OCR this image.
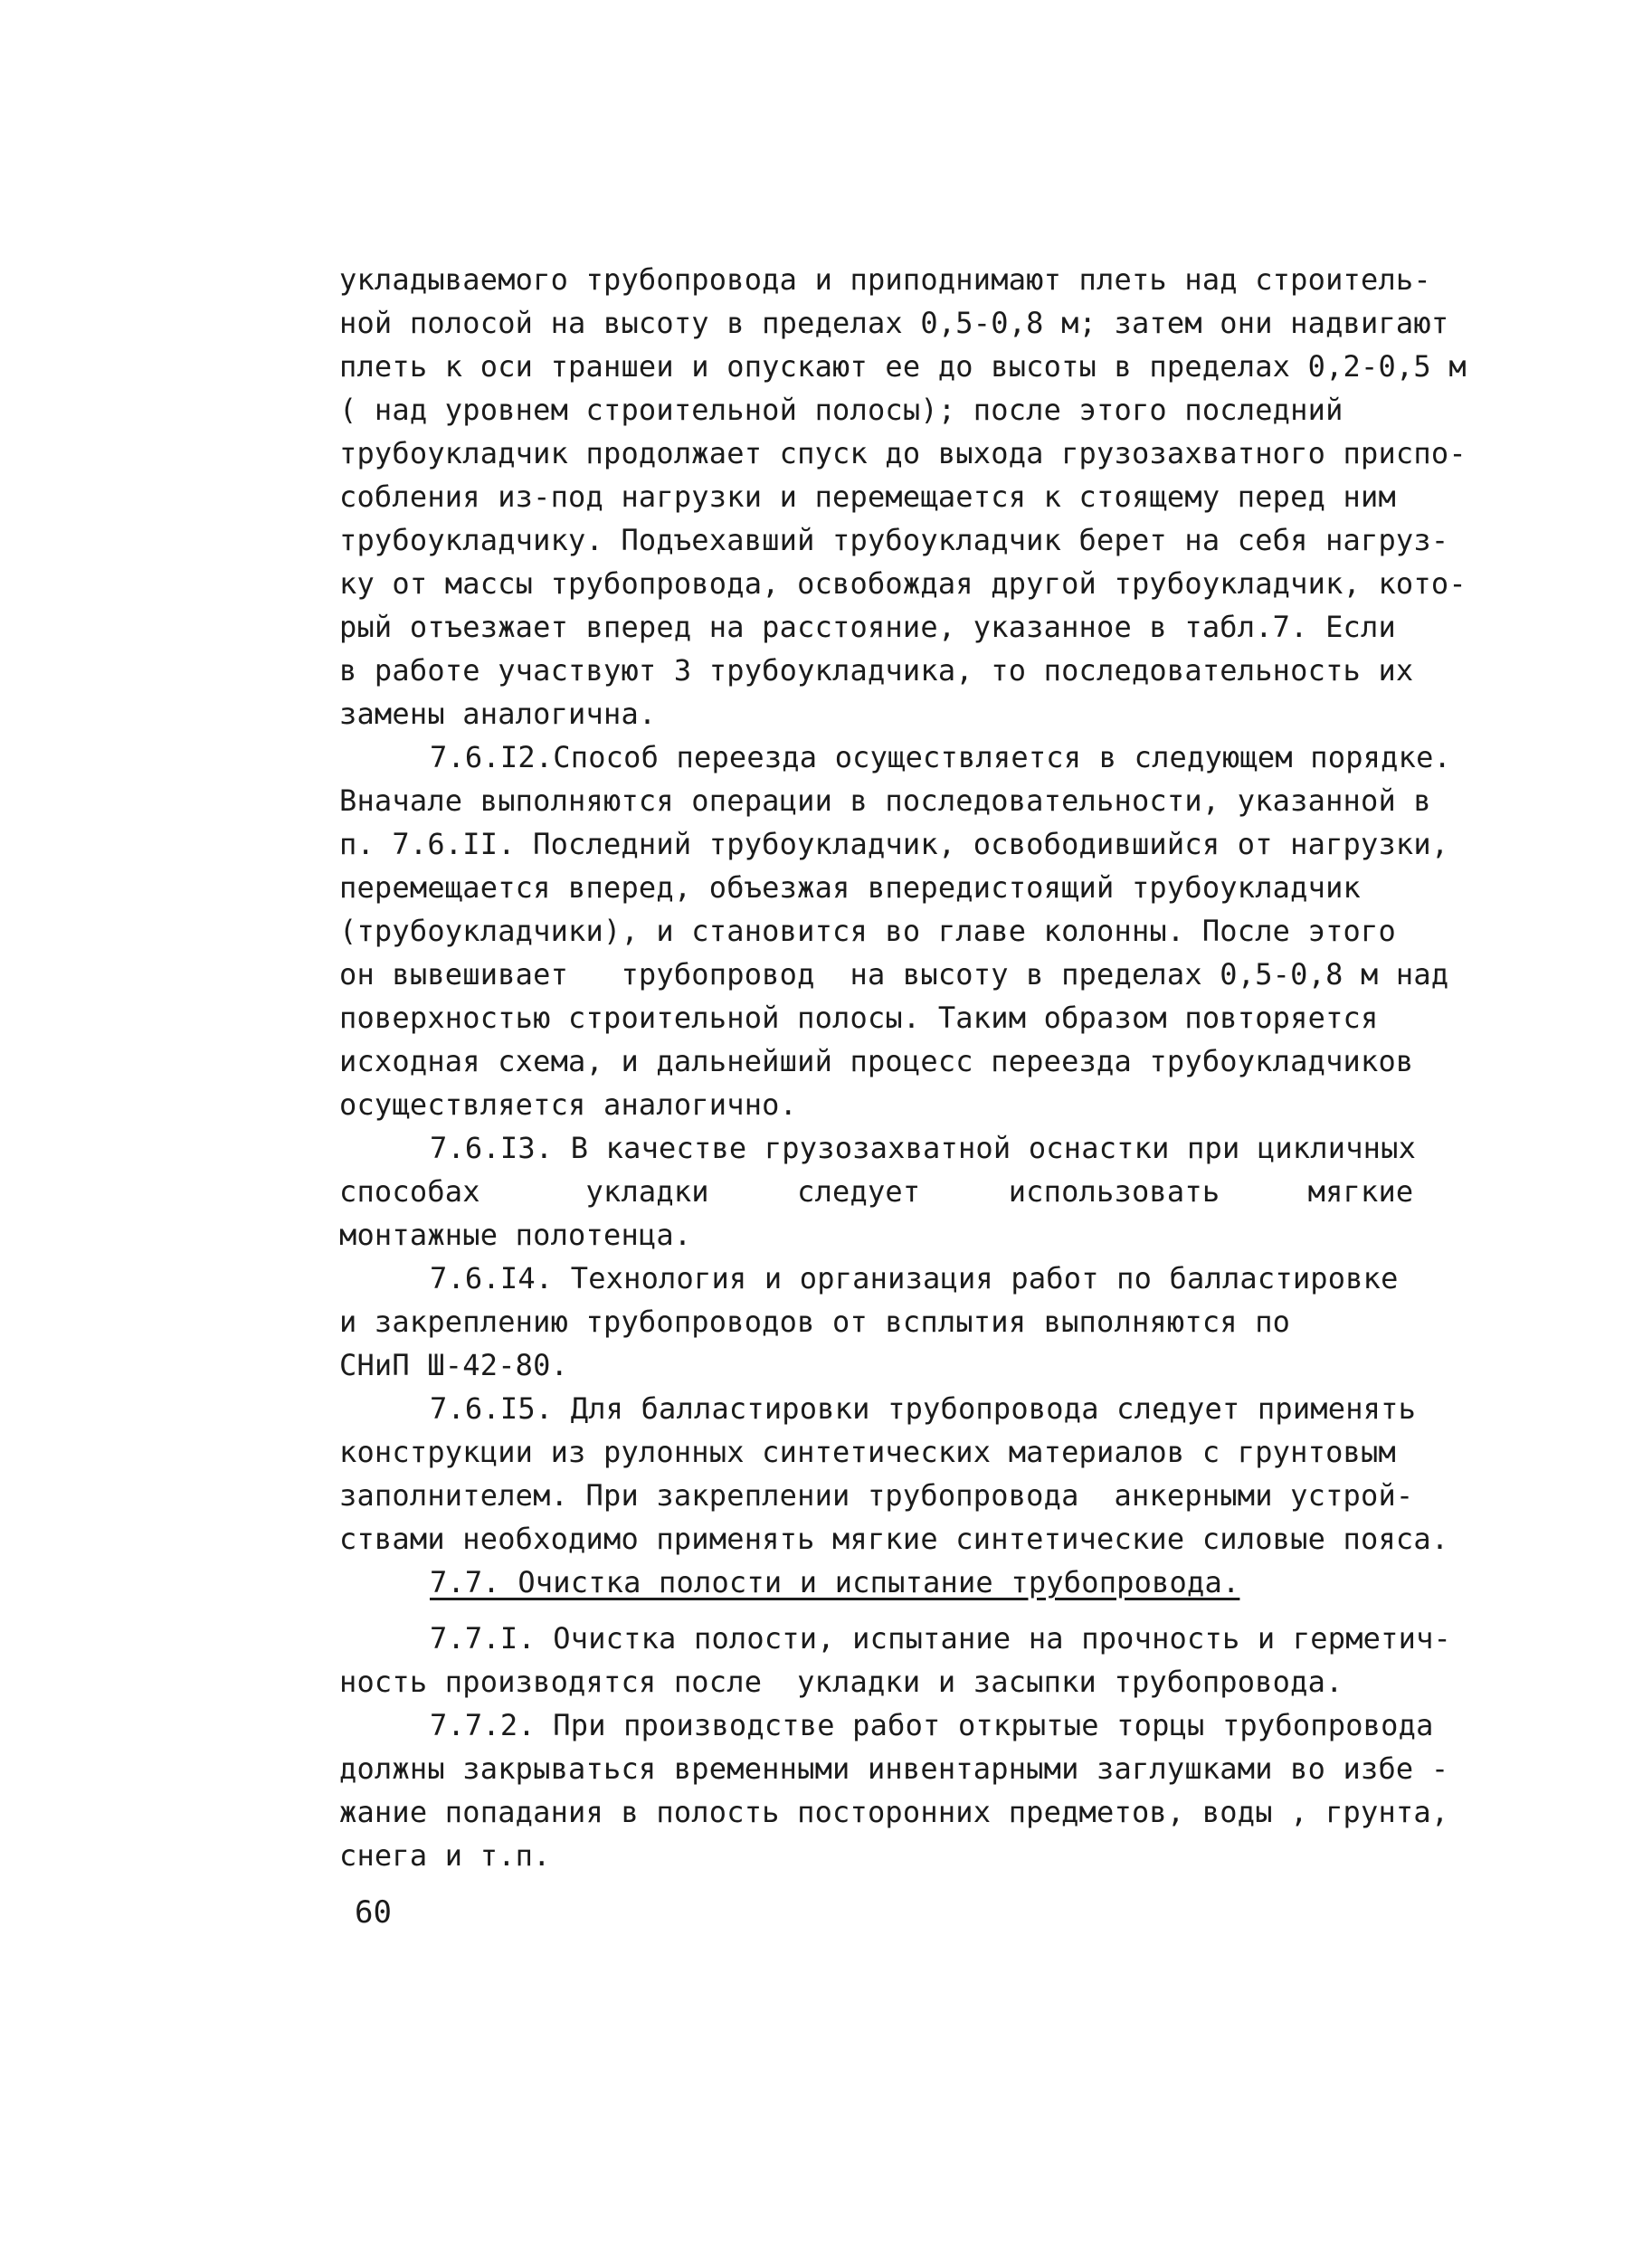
укладываемого трубопровода и приподнимают плеть над строитель-
ной полосой на высоту в пределах 0,5-0,8 м; затем они надвигают
плеть к оси траншеи и опускают ее до высоты в пределах 0,2-0,5 м
( над уровнем строительной полосы); после этого последний
трубоукладчик продолжает спуск до выхода грузозахватного приспо-
собления из-под нагрузки и перемещается к стоящему перед ним
трубоукладчику. Подъехавший трубоукладчик берет на себя нагруз-
ку от массы трубопровода, освобождая другой трубоукладчик, кото-
рый отъезжает вперед на расстояние, указанное в табл.7. Если
в работе участвуют 3 трубоукладчика, то последовательность их
замены аналогична.
7.6.I2.Способ переезда осуществляется в следующем порядке.
Вначале выполняются операции в последовательности, указанной в
п. 7.6.II. Последний трубоукладчик, освободившийся от нагрузки,
перемещается вперед, объезжая впередистоящий трубоукладчик
(трубоукладчики), и становится во главе колонны. После этого
он вывешивает   трубопровод  на высоту в пределах 0,5-0,8 м над
поверхностью строительной полосы. Таким образом повторяется
исходная схема, и дальнейший процесс переезда трубоукладчиков
осуществляется аналогично.
7.6.I3. В качестве грузозахватной оснастки при цикличных
способах      укладки     следует     использовать     мягкие
монтажные полотенца.
7.6.I4. Технология и организация работ по балластировке
и закреплению трубопроводов от всплытия выполняются по
СНиП Ш-42-80.
7.6.I5. Для балластировки трубопровода следует применять
конструкции из рулонных синтетических материалов с грунтовым
заполнителем. При закреплении трубопровода  анкерными устрой-
ствами необходимо применять мягкие синтетические силовые пояса.
7.7. Очистка полости и испытание трубопровода.
7.7.I. Очистка полости, испытание на прочность и герметич-
ность производятся после  укладки и засыпки трубопровода.
7.7.2. При производстве работ открытые торцы трубопровода
должны закрываться временными инвентарными заглушками во избе -
жание попадания в полость посторонних предметов, воды , грунта,
снега и т.п.
60
